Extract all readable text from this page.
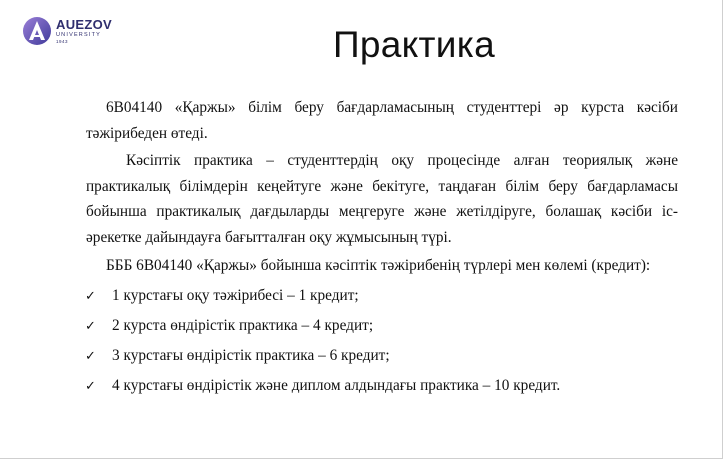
AUEZOV
UNIVERSITY
1943	Практика

6В04140 «Қаржы» білім беру бағдарламасының студенттері әр курста кәсіби тәжірибеден өтеді.

Кәсіптік практика – студенттердің оқу процесінде алған теориялық және практикалық білімдерін кеңейтуге және бекітуге, таңдаған білім беру бағдарламасы бойынша практикалық дағдыларды меңгеруге және жетілдіруге, болашақ кәсіби іс-әрекетке дайындауға бағытталған оқу жұмысының түрі.

БББ 6В04140 «Қаржы» бойынша кәсіптік тәжірибенің түрлері мен көлемі (кредит):

✓	1 курстағы оқу тәжірибесі – 1 кредит;
✓	2 курста өндірістік практика – 4 кредит;
✓	3 курстағы өндірістік практика – 6 кредит;
✓	4 курстағы өндірістік және диплом алдындағы практика – 10 кредит.
